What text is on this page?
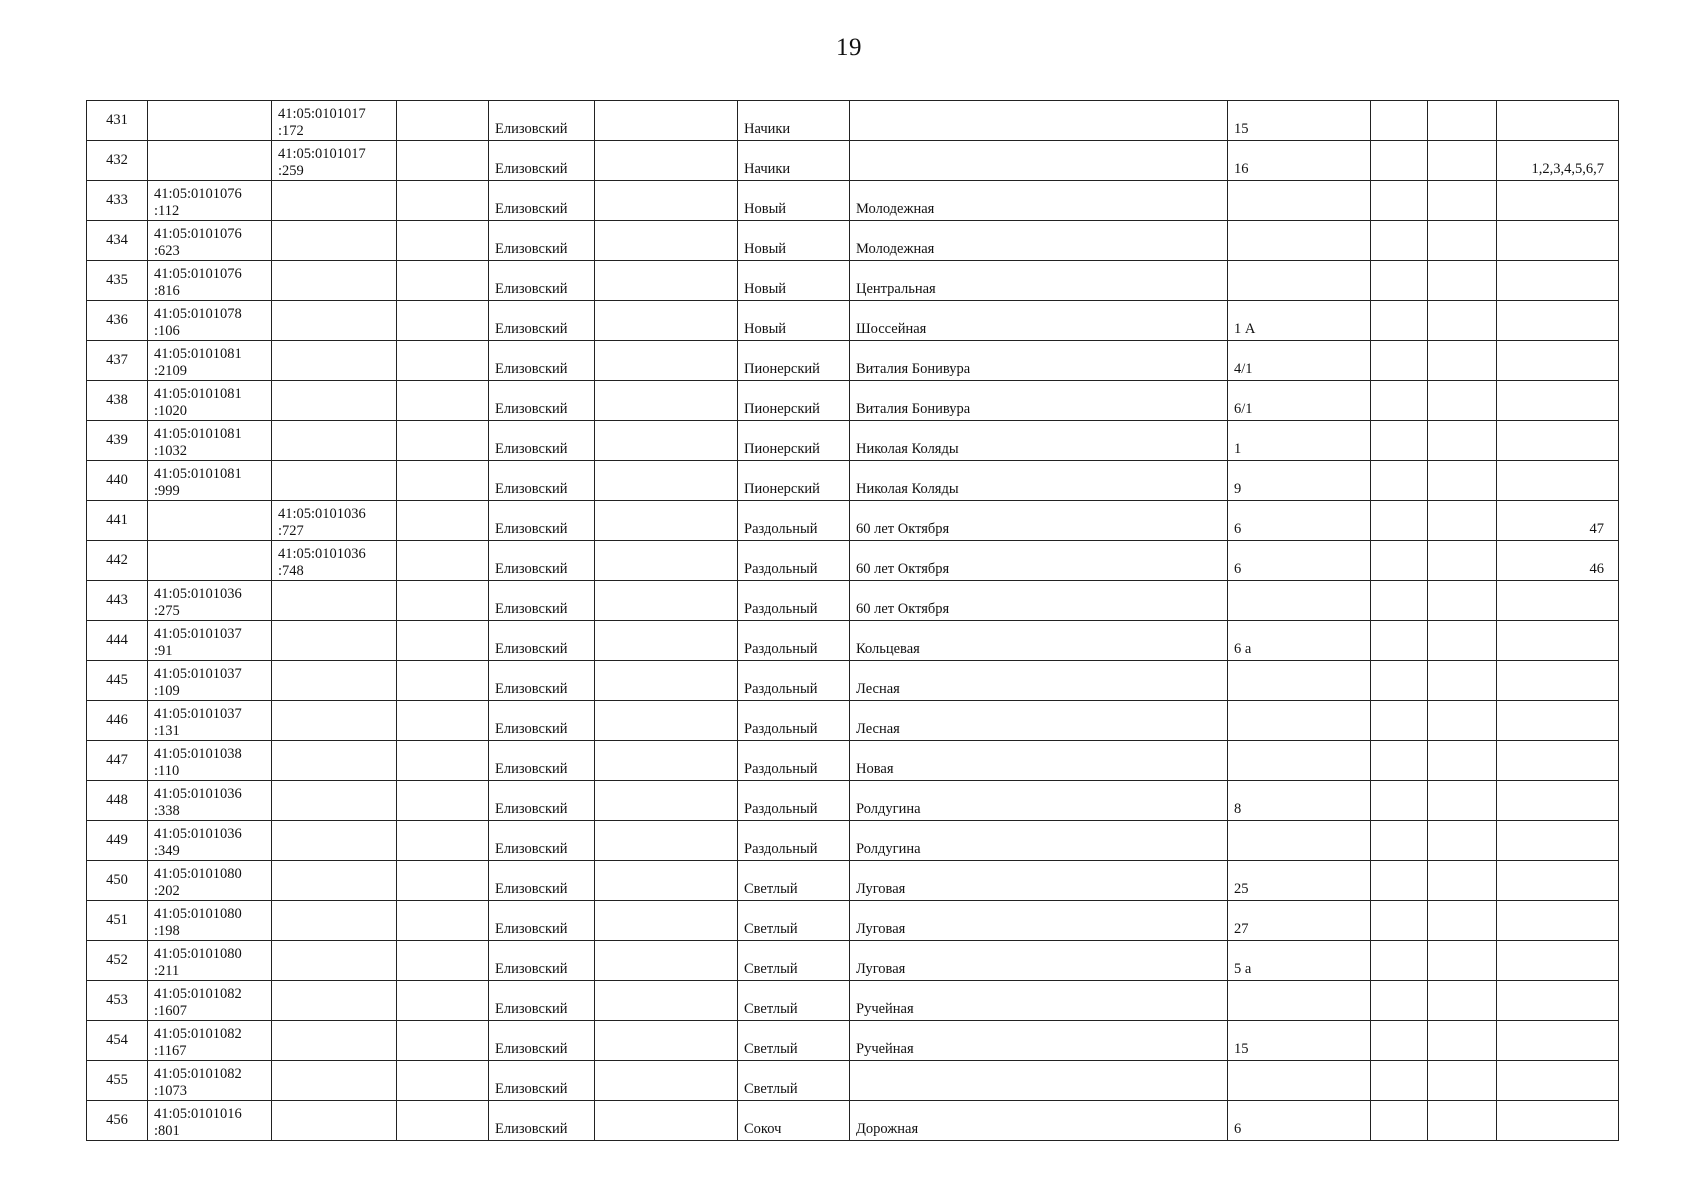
19
431		41:05:0101017
:172		Елизовский		Начики		15			
432		41:05:0101017
:259		Елизовский		Начики		16			1,2,3,4,5,6,7
433	41:05:0101076
:112			Елизовский		Новый	Молодежная				
434	41:05:0101076
:623			Елизовский		Новый	Молодежная				
435	41:05:0101076
:816			Елизовский		Новый	Центральная				
436	41:05:0101078
:106			Елизовский		Новый	Шоссейная	1 А			
437	41:05:0101081
:2109			Елизовский		Пионерский	Виталия Бонивура	4/1			
438	41:05:0101081
:1020			Елизовский		Пионерский	Виталия Бонивура	6/1			
439	41:05:0101081
:1032			Елизовский		Пионерский	Николая Коляды	1			
440	41:05:0101081
:999			Елизовский		Пионерский	Николая Коляды	9			
441		41:05:0101036
:727		Елизовский		Раздольный	60 лет Октября	6			47
442		41:05:0101036
:748		Елизовский		Раздольный	60 лет Октября	6			46
443	41:05:0101036
:275			Елизовский		Раздольный	60 лет Октября				
444	41:05:0101037
:91			Елизовский		Раздольный	Кольцевая	6 а			
445	41:05:0101037
:109			Елизовский		Раздольный	Лесная				
446	41:05:0101037
:131			Елизовский		Раздольный	Лесная				
447	41:05:0101038
:110			Елизовский		Раздольный	Новая				
448	41:05:0101036
:338			Елизовский		Раздольный	Ролдугина	8			
449	41:05:0101036
:349			Елизовский		Раздольный	Ролдугина				
450	41:05:0101080
:202			Елизовский		Светлый	Луговая	25			
451	41:05:0101080
:198			Елизовский		Светлый	Луговая	27			
452	41:05:0101080
:211			Елизовский		Светлый	Луговая	5 а			
453	41:05:0101082
:1607			Елизовский		Светлый	Ручейная				
454	41:05:0101082
:1167			Елизовский		Светлый	Ручейная	15			
455	41:05:0101082
:1073			Елизовский		Светлый					
456	41:05:0101016
:801			Елизовский		Сокоч	Дорожная	6			
